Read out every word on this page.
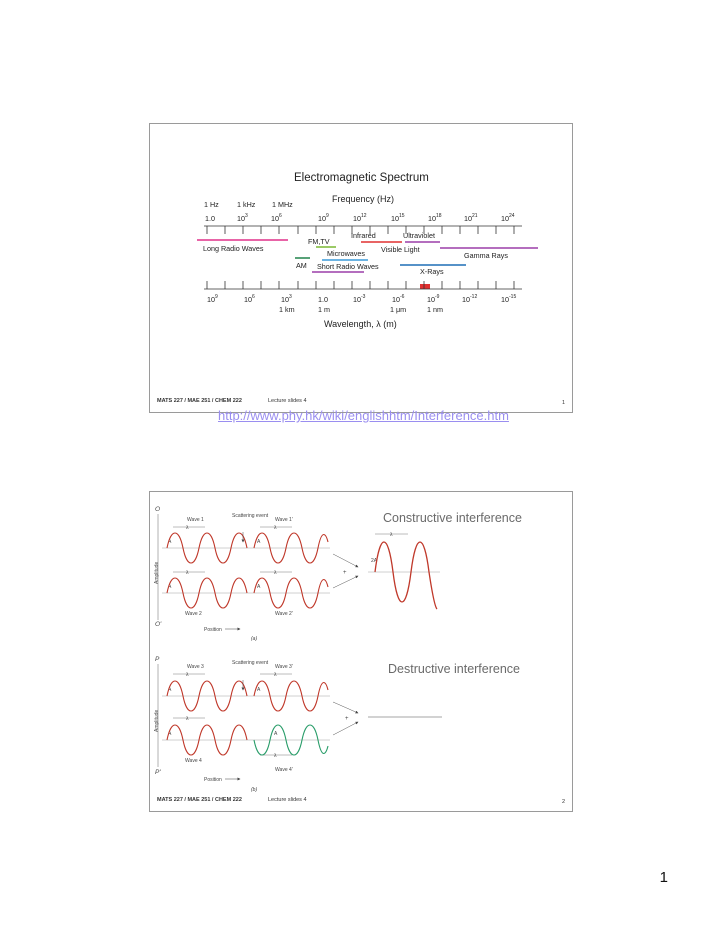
Electromagnetic Spectrum
Frequency (Hz)
1 Hz	1 kHz 1 MHz
1.0	$10^3$	$10^6$	$10^9$	$10^{12}$	$10^{15}$	$10^{18}$	$10^{21}$	$10^{24}$
Long Radio Waves
FM,TV
Infrared	Ultraviolet
Microwaves Visible Light
Gamma Rays
AM Short Radio Waves
X-Rays
$10^9$	$10^6$	$10^3$	1.0	$10^{-3}$	$10^{-6}$	$10^{-9}$	$10^{-12}$	$10^{-15}$
1 km	1 m	1 μm	1 nm
Wavelength, λ (m)
http://www.phy.hk/wiki/englishhtm/Interference.htm
MATS 227 / MAE 251 / CHEM 222	Lecture slides 4	1
O
O'
Amplitude
Wave 1	Wave 1'
Scattering event
Wave 2	Wave 2'
Position
(a)
λ	λ
λ	λ
A	A
A	A
+
λ
2A
P
P'
Amplitude
Wave 3	Wave 3'
Scattering event
Wave 4
Wave 4'
Position
(b)
λ	λ
λ
λ
A	A
A	A
+
Constructive interference
Destructive interference
MATS 227 / MAE 251 / CHEM 222	Lecture slides 4	2
1
